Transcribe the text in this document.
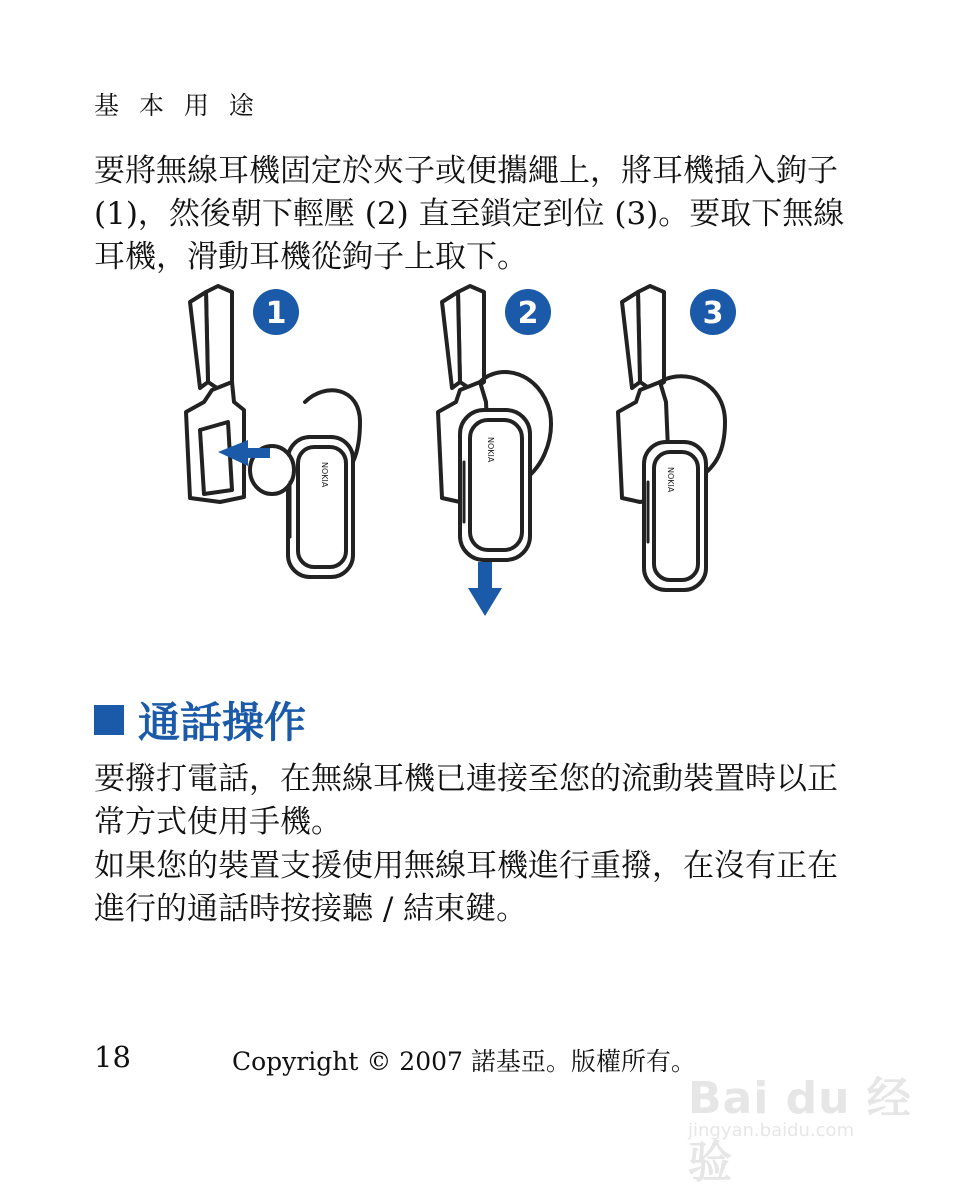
基 本 用 途

要將無線耳機固定於夾子或便攜繩上，將耳機插入鉤子 (1)，然後朝下輕壓 (2) 直至鎖定到位 (3)。要取下無線耳機，滑動耳機從鉤子上取下。

NOKIA
NOKIA
NOKIA
1	2	3
通話操作

要撥打電話，在無線耳機已連接至您的流動裝置時以正常方式使用手機。

如果您的裝置支援使用無線耳機進行重撥，在沒有正在進行的通話時按接聽 / 結束鍵。

18	Copyright © 2007 諾基亞。版權所有。
Bai du 经验
jingyan.baidu.com
